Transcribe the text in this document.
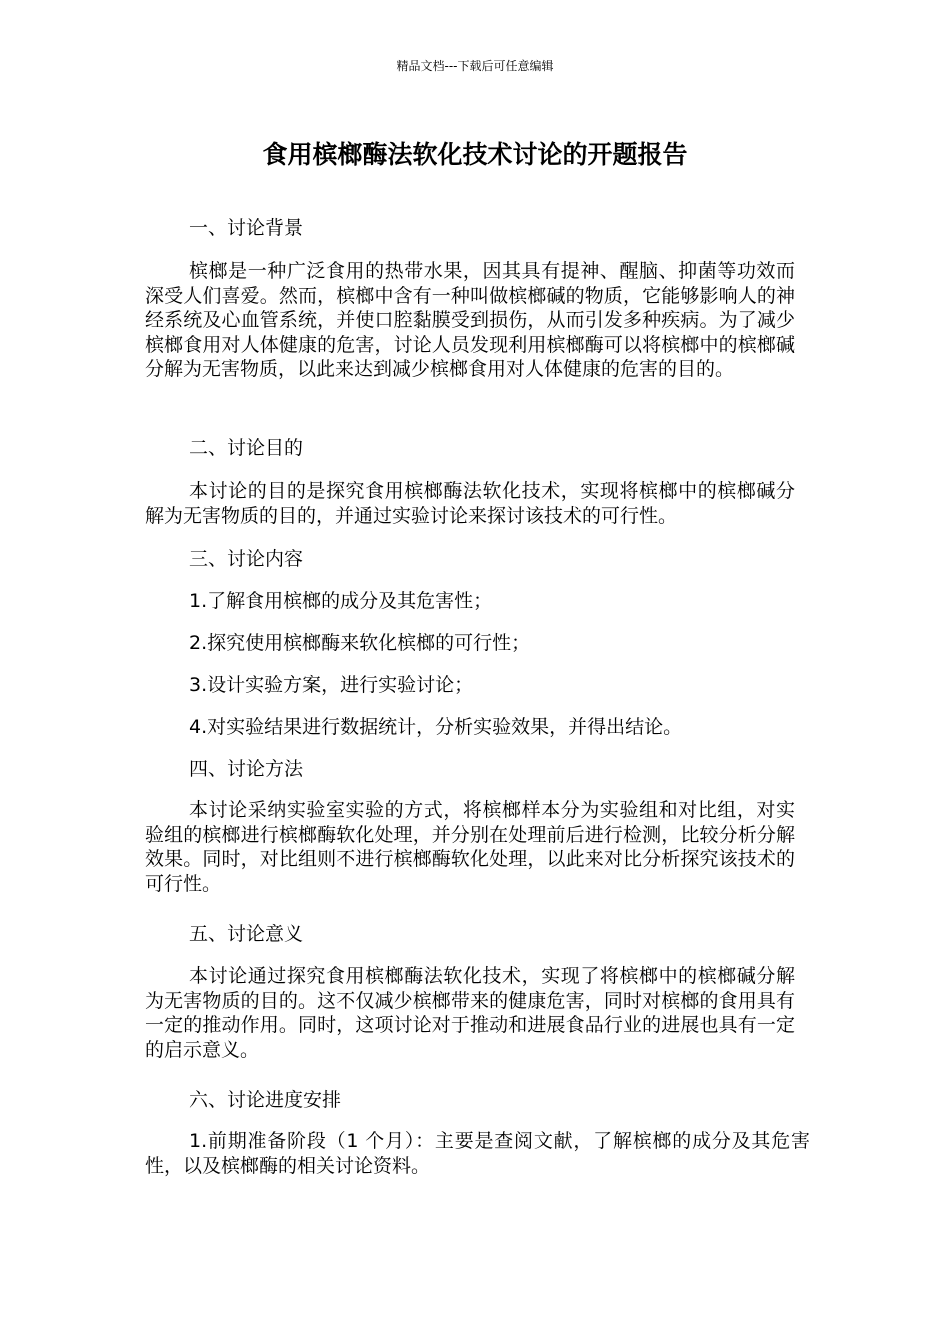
精品文档---下载后可任意编辑
食用槟榔酶法软化技术讨论的开题报告

一、讨论背景

槟榔是一种广泛食用的热带水果，因其具有提神、醒脑、抑菌等功效而深受人们喜爱。然而，槟榔中含有一种叫做槟榔碱的物质，它能够影响人的神经系统及心血管系统，并使口腔黏膜受到损伤，从而引发多种疾病。为了减少槟榔食用对人体健康的危害，讨论人员发现利用槟榔酶可以将槟榔中的槟榔碱分解为无害物质，以此来达到减少槟榔食用对人体健康的危害的目的。

二、讨论目的

本讨论的目的是探究食用槟榔酶法软化技术，实现将槟榔中的槟榔碱分解为无害物质的目的，并通过实验讨论来探讨该技术的可行性。

三、讨论内容

1.了解食用槟榔的成分及其危害性；

2.探究使用槟榔酶来软化槟榔的可行性；

3.设计实验方案，进行实验讨论；

4.对实验结果进行数据统计，分析实验效果，并得出结论。

四、讨论方法

本讨论采纳实验室实验的方式，将槟榔样本分为实验组和对比组，对实验组的槟榔进行槟榔酶软化处理，并分别在处理前后进行检测，比较分析分解效果。同时，对比组则不进行槟榔酶软化处理，以此来对比分析探究该技术的可行性。

五、讨论意义

本讨论通过探究食用槟榔酶法软化技术，实现了将槟榔中的槟榔碱分解为无害物质的目的。这不仅减少槟榔带来的健康危害，同时对槟榔的食用具有一定的推动作用。同时，这项讨论对于推动和进展食品行业的进展也具有一定的启示意义。

六、讨论进度安排

1.前期准备阶段（1 个月）：主要是查阅文献，了解槟榔的成分及其危害性，以及槟榔酶的相关讨论资料。
